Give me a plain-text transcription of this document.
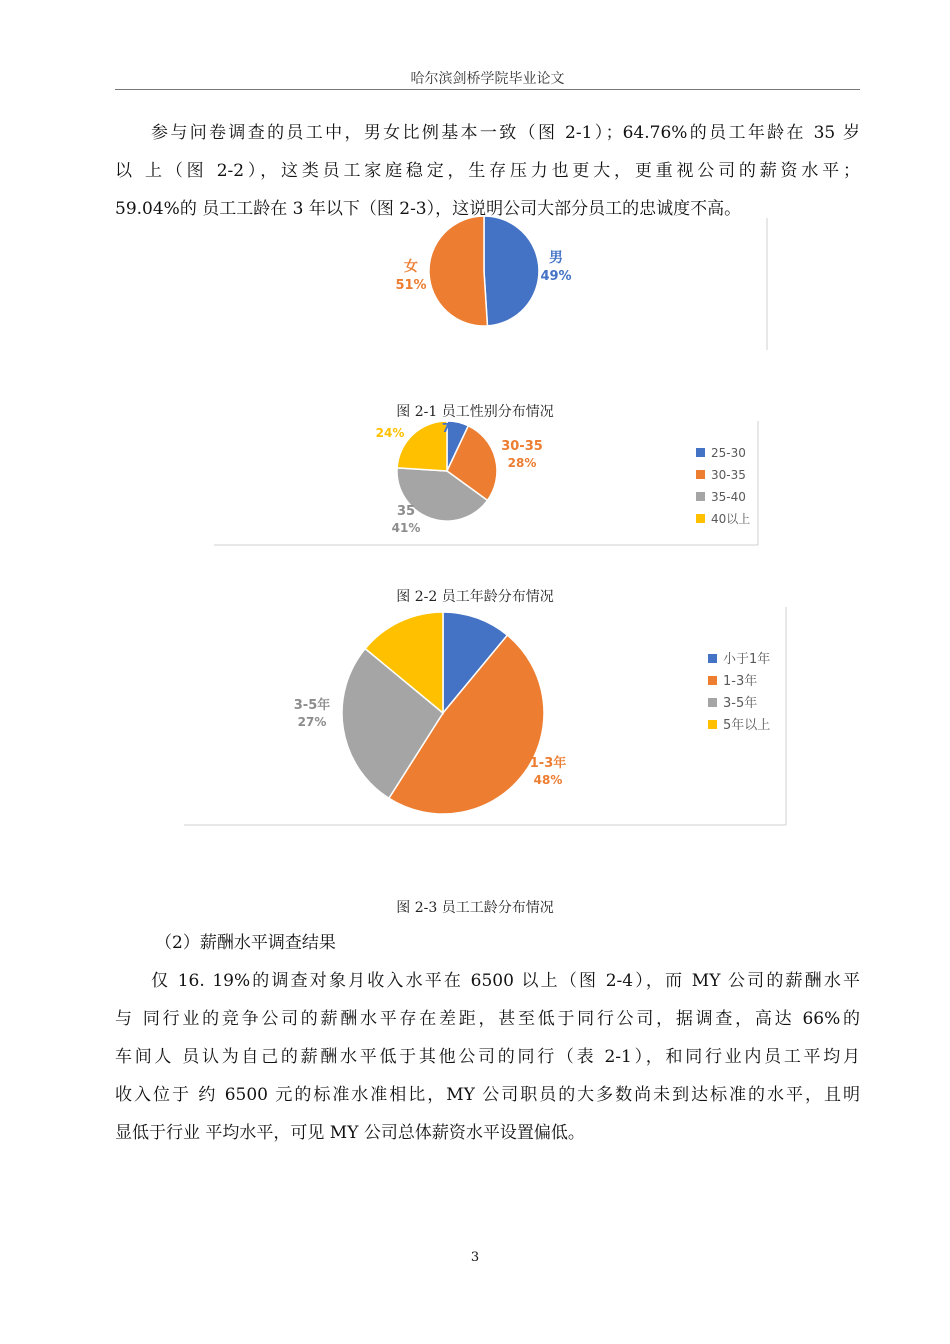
哈尔滨剑桥学院毕业论文
参与问卷调查的员工中，男女比例基本一致（图 2-1）；64.76%的员工年龄在 35 岁
以 上（图 2-2），这类员工家庭稳定，生存压力也更大，更重视公司的薪资水平；
59.04%的 员工工龄在 3 年以下（图 2-3），这说明公司大部分员工的忠诚度不高。
男
49%
女
51%
图 2-1 员工性别分布情况
7%
30-35
28%
35
41%
24%
25-30
30-35
35-40
40以上
图 2-2 员工年龄分布情况
3-5年
27%
1-3年
48%
小于1年
1-3年
3-5年
5年以上
图 2-3 员工工龄分布情况

（2）薪酬水平调查结果

仅 16. 19%的调查对象月收入水平在 6500 以上（图 2-4），而 MY 公司的薪酬水平
与 同行业的竞争公司的薪酬水平存在差距，甚至低于同行公司，据调查，高达 66%的
车间人 员认为自己的薪酬水平低于其他公司的同行（表 2-1），和同行业内员工平均月
收入位于 约 6500 元的标准水准相比，MY 公司职员的大多数尚未到达标准的水平，且明
显低于行业 平均水平，可见 MY 公司总体薪资水平设置偏低。
3
